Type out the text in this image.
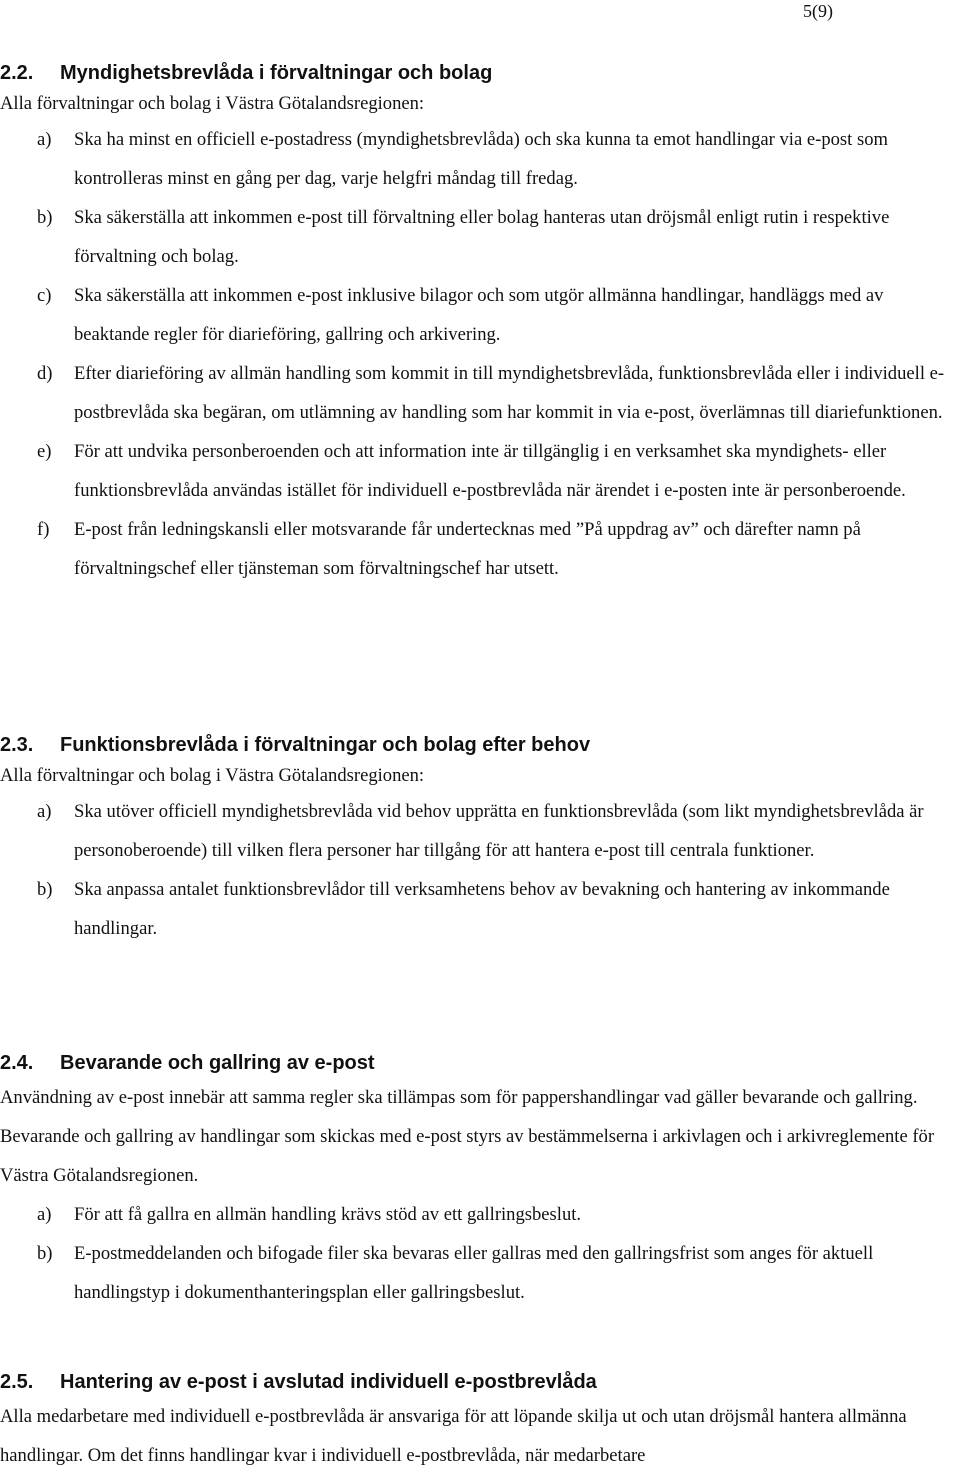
5(9)
2.2. Myndighetsbrevlåda i förvaltningar och bolag
Alla förvaltningar och bolag i Västra Götalandsregionen:
a) Ska ha minst en officiell e-postadress (myndighetsbrevlåda) och ska kunna ta emot handlingar via e-post som kontrolleras minst en gång per dag, varje helgfri måndag till fredag.
b) Ska säkerställa att inkommen e-post till förvaltning eller bolag hanteras utan dröjsmål enligt rutin i respektive förvaltning och bolag.
c) Ska säkerställa att inkommen e-post inklusive bilagor och som utgör allmänna handlingar, handläggs med av beaktande regler för diarieföring, gallring och arkivering.
d) Efter diarieföring av allmän handling som kommit in till myndighetsbrevlåda, funktionsbrevlåda eller i individuell e-postbrevlåda ska begäran, om utlämning av handling som har kommit in via e-post, överlämnas till diariefunktionen.
e) För att undvika personberoenden och att information inte är tillgänglig i en verksamhet ska myndighets- eller funktionsbrevlåda användas istället för individuell e-postbrevlåda när ärendet i e-posten inte är personberoende.
f) E-post från ledningskansli eller motsvarande får undertecknas med ”På uppdrag av” och därefter namn på förvaltningschef eller tjänsteman som förvaltningschef har utsett.
2.3. Funktionsbrevlåda i förvaltningar och bolag efter behov
Alla förvaltningar och bolag i Västra Götalandsregionen:
a) Ska utöver officiell myndighetsbrevlåda vid behov upprätta en funktionsbrevlåda (som likt myndighetsbrevlåda är personoberoende) till vilken flera personer har tillgång för att hantera e-post till centrala funktioner.
b) Ska anpassa antalet funktionsbrevlådor till verksamhetens behov av bevakning och hantering av inkommande handlingar.
2.4. Bevarande och gallring av e-post
Användning av e-post innebär att samma regler ska tillämpas som för pappershandlingar vad gäller bevarande och gallring. Bevarande och gallring av handlingar som skickas med e-post styrs av bestämmelserna i arkivlagen och i arkivreglemente för Västra Götalandsregionen.
a) För att få gallra en allmän handling krävs stöd av ett gallringsbeslut.
b) E-postmeddelanden och bifogade filer ska bevaras eller gallras med den gallringsfrist som anges för aktuell handlingstyp i dokumenthanteringsplan eller gallringsbeslut.
2.5. Hantering av e-post i avslutad individuell e-postbrevlåda
Alla medarbetare med individuell e-postbrevlåda är ansvariga för att löpande skilja ut och utan dröjsmål hantera allmänna handlingar. Om det finns handlingar kvar i individuell e-postbrevlåda, när medarbetare
